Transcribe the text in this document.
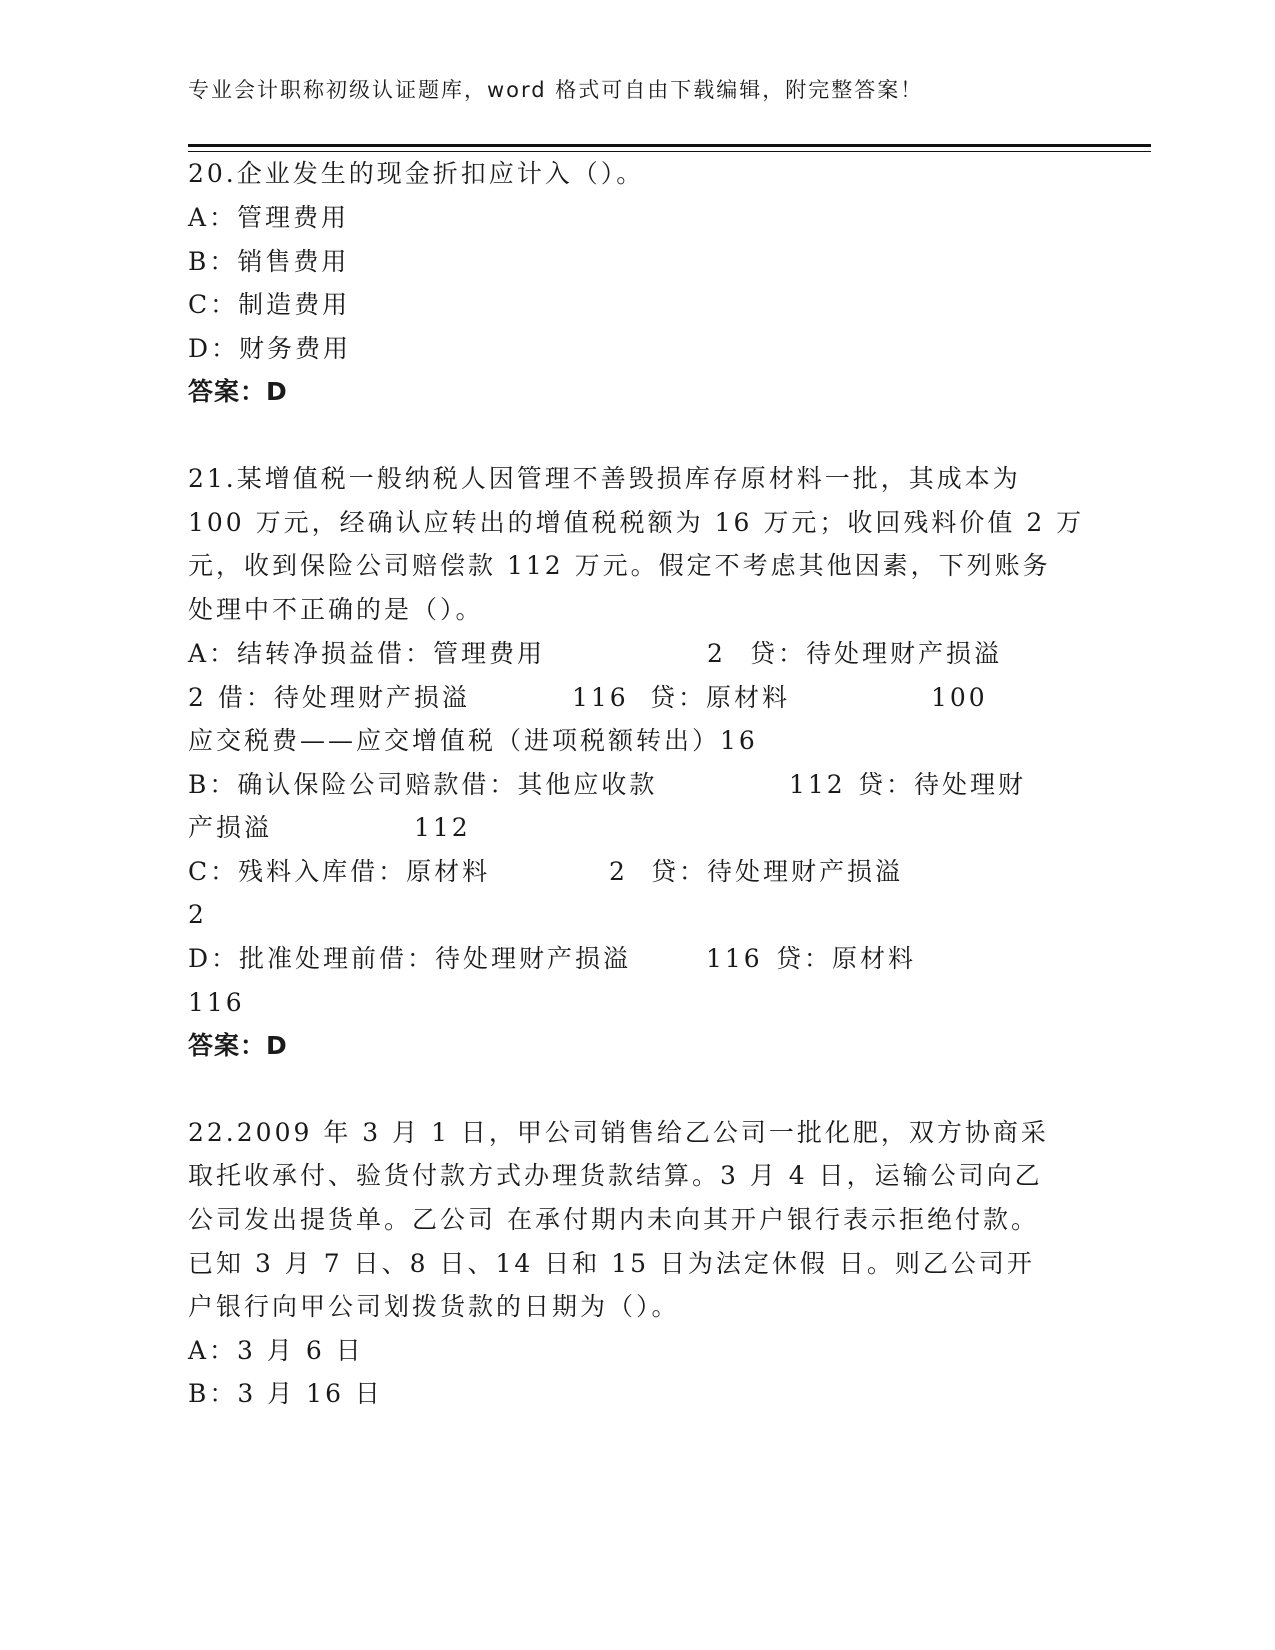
专业会计职称初级认证题库，word 格式可自由下载编辑，附完整答案！
20.企业发生的现金折扣应计入（）。
A：管理费用
B：销售费用
C：制造费用
D：财务费用
答案：D
21.某增值税一般纳税人因管理不善毁损库存原材料一批，其成本为
100 万元，经确认应转出的增值税税额为 16 万元；收回残料价值 2 万
元，收到保险公司赔偿款 112 万元。假定不考虑其他因素，下列账务
处理中不正确的是（）。
A：结转净损益借：管理费用	2 贷：待处理财产损溢
2 借：待处理财产损溢	116 贷：原材料	100
应交税费——应交增值税（进项税额转出）16
B：确认保险公司赔款借：其他应收款	112 贷：待处理财
产损溢	112
C：残料入库借：原材料	2 贷：待处理财产损溢
2
D：批准处理前借：待处理财产损溢	116 贷：原材料
116
答案：D
22.2009 年 3 月 1 日，甲公司销售给乙公司一批化肥，双方协商采
取托收承付、验货付款方式办理货款结算。3 月 4 日，运输公司向乙
公司发出提货单。乙公司 在承付期内未向其开户银行表示拒绝付款。
已知 3 月 7 日、8 日、14 日和 15 日为法定休假 日。则乙公司开
户银行向甲公司划拨货款的日期为（）。
A：3 月 6 日
B：3 月 16 日
